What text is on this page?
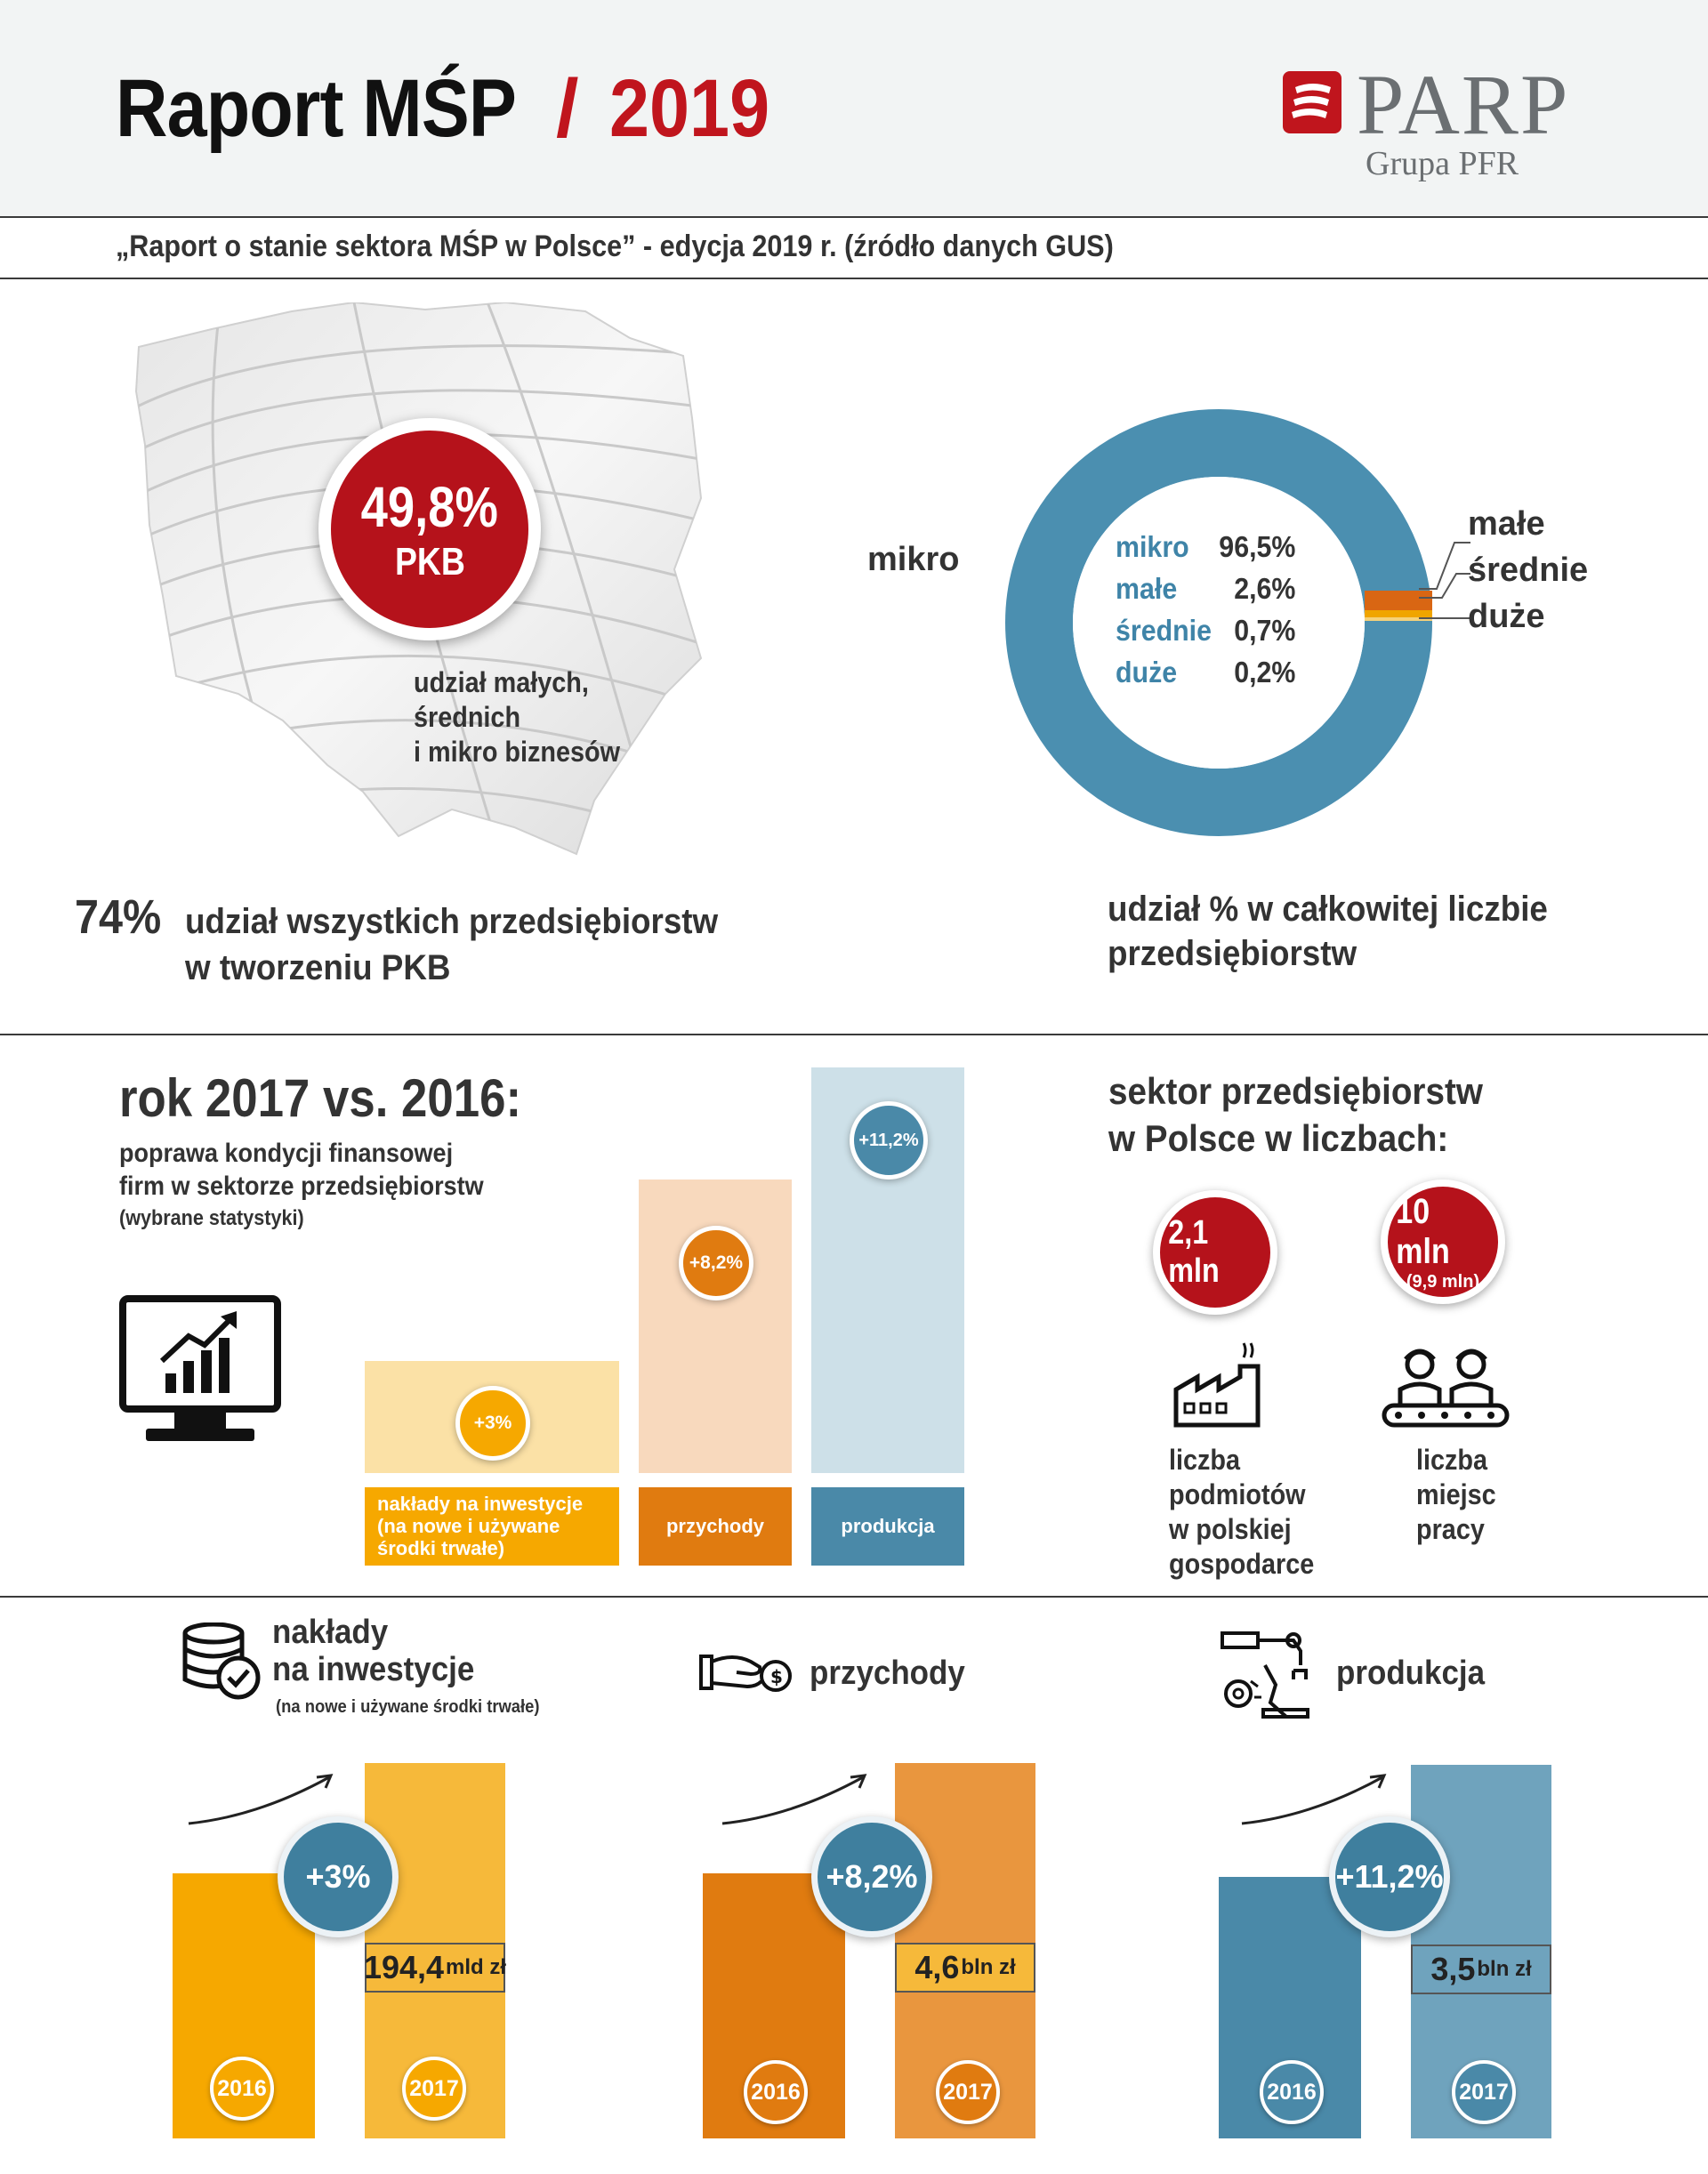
Raport MŚP / 2019	PARP
Grupa PFR
„Raport o stanie sektora MŚP w Polsce” - edycja 2019 r. (źródło danych GUS)
49,8%
PKB
udział małych,
średnich
i mikro biznesów
74% udział wszystkich przedsiębiorstw
w tworzeniu PKB
mikro 96,5%
małe 2,6%
średnie 0,7%
duże 0,2%
mikro
małe
średnie
duże
udział % w całkowitej liczbie
przedsiębiorstw
rok 2017 vs. 2016:
poprawa kondycji finansowej
firm w sektorze przedsiębiorstw
(wybrane statystyki)
+3%
nakłady na inwestycje
(na nowe i używane
środki trwałe)
+8,2%
przychody
+11,2%
produkcja
sektor przedsiębiorstw
w Polsce w liczbach:
2,1 mln
10 mln
(9,9 mln)
liczba
podmiotów
w polskiej
gospodarce
liczba
miejsc
pracy
nakłady
na inwestycje
(na nowe i używane środki trwałe)
+3%
194,4 mld zł
2016	2017
$ przychody
+8,2%
4,6 bln zł
2016	2017
produkcja
+11,2%
3,5 bln zł
2016	2017
